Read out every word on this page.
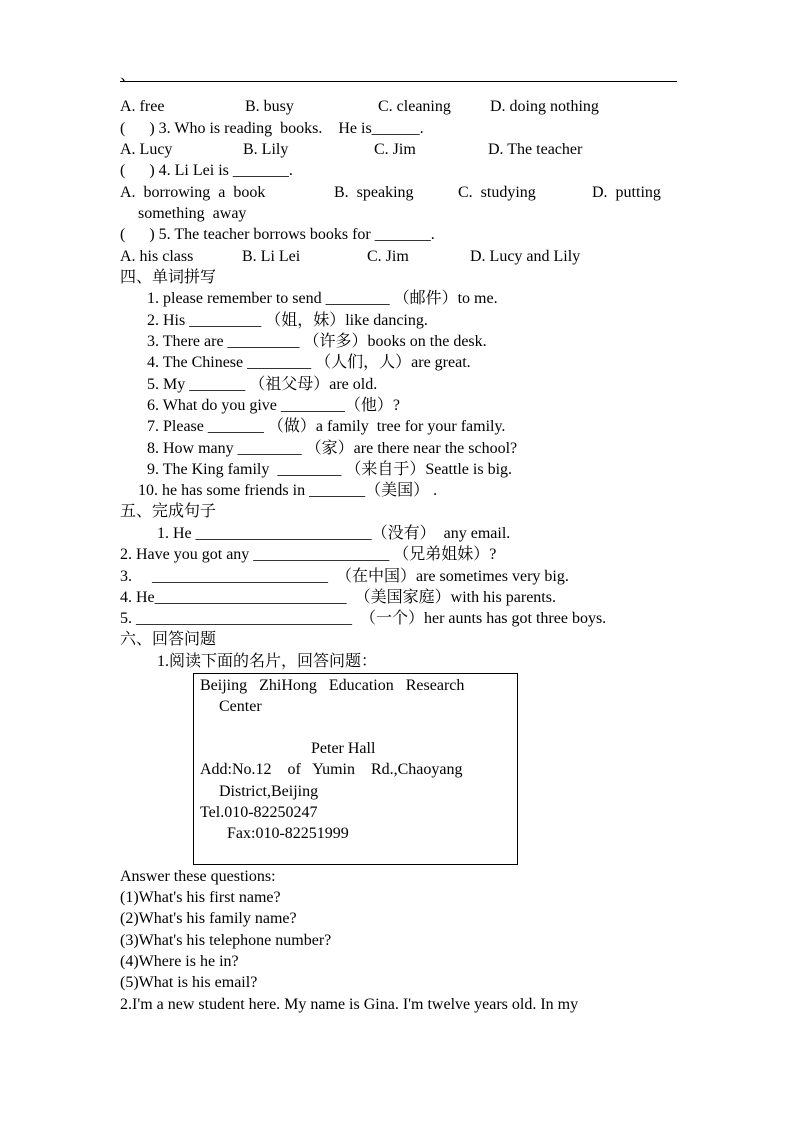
、
A. free	B. busy	C. cleaning D. doing nothing
(      ) 3. Who is reading  books.    He is______.
A. Lucy	B. Lily	C. Jim	D. The teacher
(      ) 4. Li Lei is _______.
A.  borrowing  a  book	B.  speaking	C.  studying	D.  putting
something  away
(      ) 5. The teacher borrows books for _______.
A. his class	B. Li Lei	C. Jim	D. Lucy and Lily
四、单词拼写
1. please remember to send ________ （邮件）to me.
2. His _________ （姐，妹）like dancing.
3. There are _________ （许多）books on the desk.
4. The Chinese ________ （人们，人）are great.
5. My _______ （祖父母）are old.
6. What do you give ________（他）?
7. Please _______ （做）a family  tree for your family.
8. How many ________ （家）are there near the school?
9. The King family  ________ （来自于）Seattle is big.
10. he has some friends in _______（美国） .
五、完成句子
1. He ______________________（没有）  any email.
2. Have you got any _________________ （兄弟姐妹）?
3.     ______________________  （在中国）are sometimes very big.
4. He________________________  （美国家庭）with his parents.
5. ___________________________  （一个）her aunts has got three boys.
六、回答问题
1.阅读下面的名片，回答问题：
Beijing   ZhiHong   Education   Research
Center
Peter Hall
Add:No.12    of   Yumin    Rd.,Chaoyang
District,Beijing
Tel.010-82250247
Fax:010-82251999
Answer these questions:
(1)What's his first name?
(2)What's his family name?
(3)What's his telephone number?
(4)Where is he in?
(5)What is his email?
2.I'm a new student here. My name is Gina. I'm twelve years old. In my
